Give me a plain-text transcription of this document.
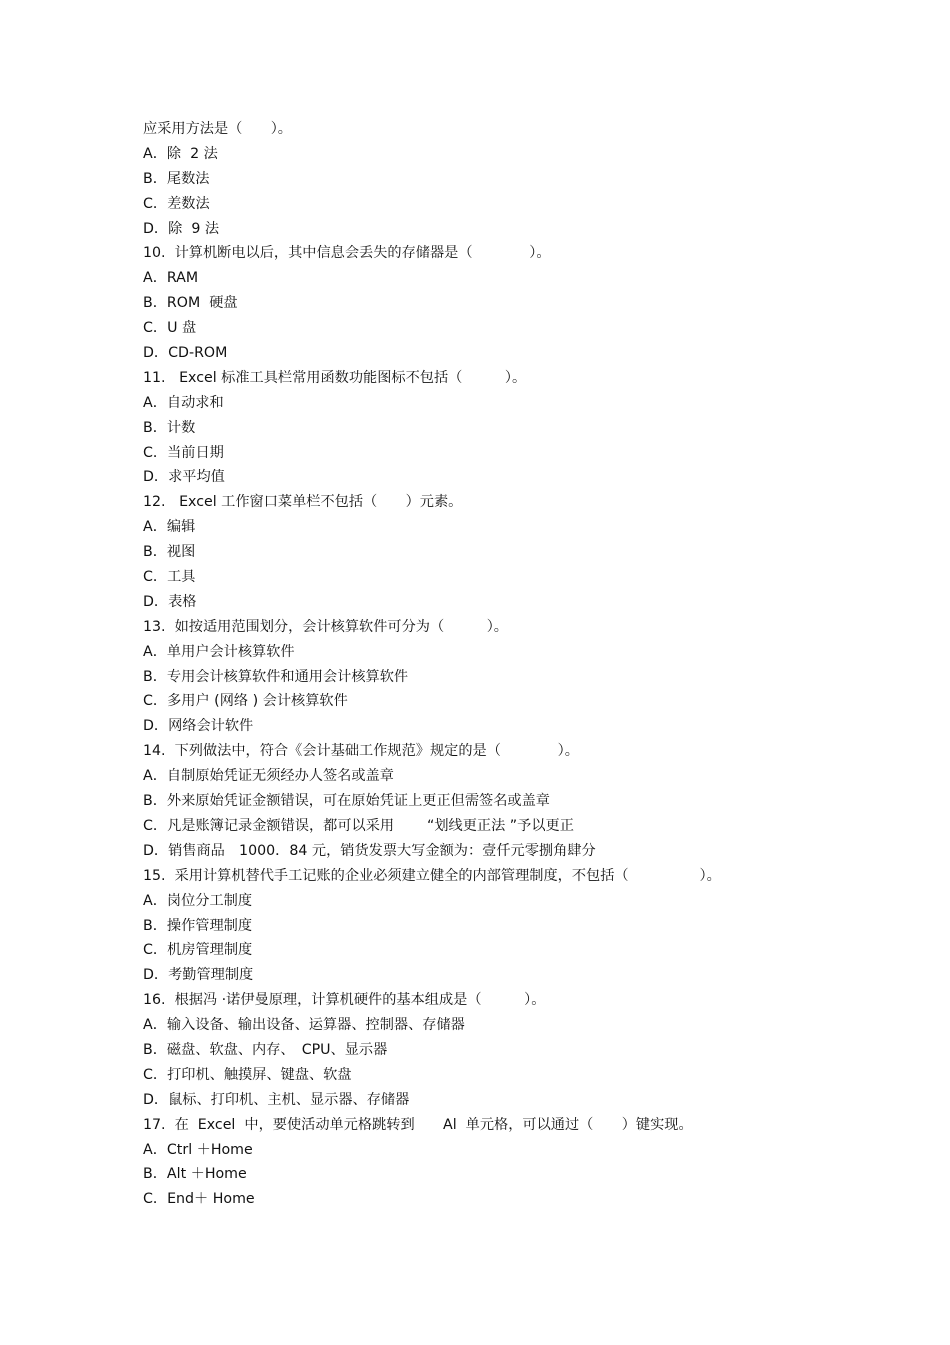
应采用方法是（　　）。
A．除  2 法
B．尾数法
C．差数法
D．除  9 法
10.  计算机断电以后，其中信息会丢失的存储器是（　　　　）。
A．RAM
B．ROM  硬盘
C．U 盘
D．CD-ROM
11.   Excel 标准工具栏常用函数功能图标不包括（　　　）。
A．自动求和
B．计数
C．当前日期
D．求平均值
12.   Excel 工作窗口菜单栏不包括（　　）元素。
A．编辑
B．视图
C．工具
D．表格
13.  如按适用范围划分，会计核算软件可分为（　　　）。
A．单用户会计核算软件
B．专用会计核算软件和通用会计核算软件
C．多用户 (网络 ) 会计核算软件
D．网络会计软件
14.  下列做法中，符合《会计基础工作规范》规定的是（　　　　）。
A．自制原始凭证无须经办人签名或盖章
B．外来原始凭证金额错误，可在原始凭证上更正但需签名或盖章
C．凡是账簿记录金额错误，都可以采用　　 “划线更正法 ”予以更正
D．销售商品　1000．84 元，销货发票大写金额为：壹仟元零捌角肆分
15.  采用计算机替代手工记账的企业必须建立健全的内部管理制度，不包括（　　　　　）。
A．岗位分工制度
B．操作管理制度
C．机房管理制度
D．考勤管理制度
16.  根据冯 ·诺伊曼原理，计算机硬件的基本组成是（　　　）。
A．输入设备、输出设备、运算器、控制器、存储器
B．磁盘、软盘、内存、　CPU、显示器
C．打印机、触摸屏、键盘、软盘
D．鼠标、打印机、主机、显示器、存储器
17.  在  Excel  中，要使活动单元格跳转到　　Al  单元格，可以通过（　　）键实现。
A．Ctrl ＋Home
B．Alt ＋Home
C．End＋ Home
